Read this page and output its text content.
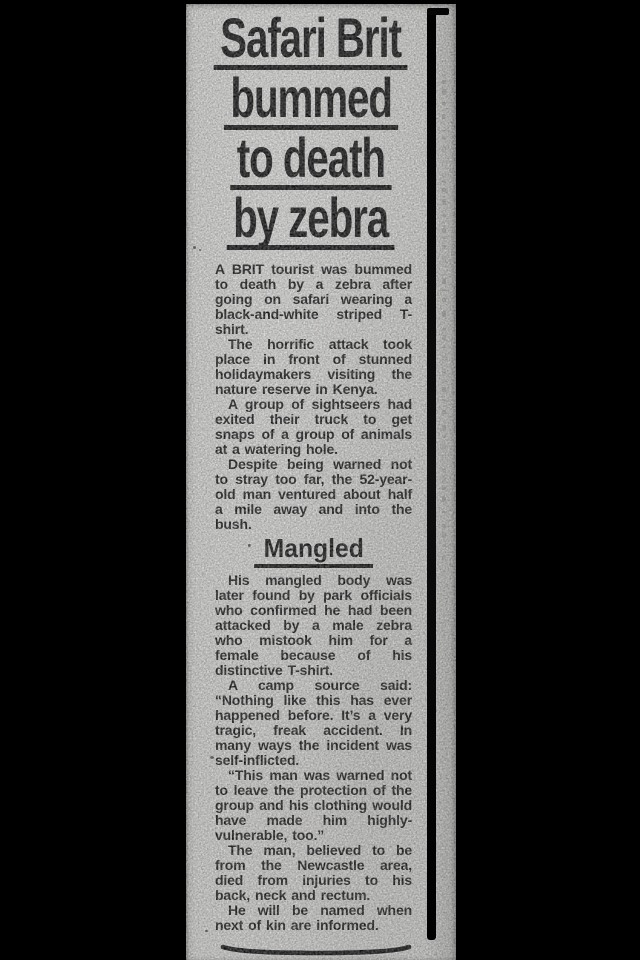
Safari Brit
bummed
to death
by zebra

A BRIT tourist was bummed to death by a zebra after going on safari wearing a black-and-white striped T-shirt.

The horrific attack took place in front of stunned holidaymakers visiting the nature reserve in Kenya.

A group of sightseers had exited their truck to get snaps of a group of animals at a watering hole.

Despite being warned not to stray too far, the 52-year-old man ventured about half a mile away and into the bush.

Mangled

His mangled body was later found by park officials who confirmed he had been attacked by a male zebra who mistook him for a female because of his distinctive T-shirt.

A camp source said: “Nothing like this has ever happened before. It’s a very tragic, freak accident. In many ways the incident was self-inflicted.

“This man was warned not to leave the protection of the group and his clothing would have made him highly-vulnerable, too.”

The man, believed to be from the Newcastle area, died from injuries to his back, neck and rectum.

He will be named when next of kin are informed.
